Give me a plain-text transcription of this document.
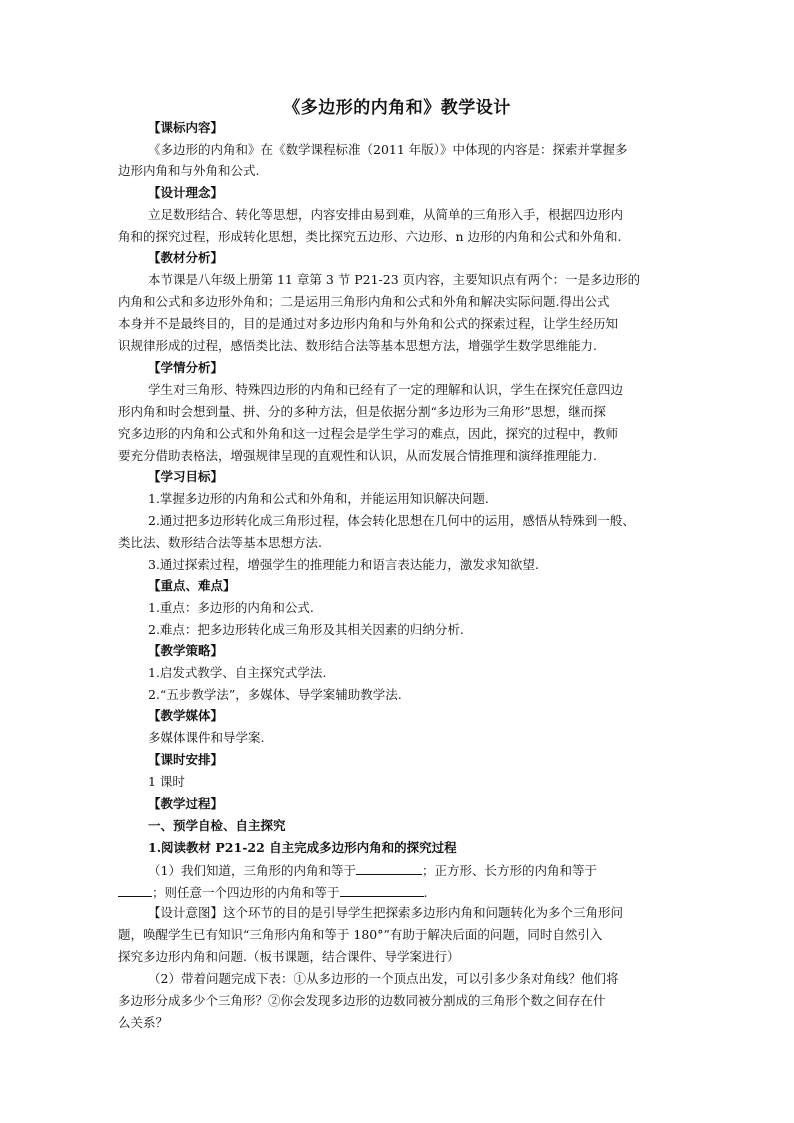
《多边形的内角和》教学设计
【课标内容】
《多边形的内角和》在《数学课程标准（2011 年版）》中体现的内容是：探索并掌握多
边形内角和与外角和公式.
【设计理念】
立足数形结合、转化等思想，内容安排由易到难，从简单的三角形入手，根据四边形内
角和的探究过程，形成转化思想，类比探究五边形、六边形、n 边形的内角和公式和外角和.
【教材分析】
本节课是八年级上册第 11 章第 3 节 P21-23 页内容，主要知识点有两个：一是多边形的
内角和公式和多边形外角和；二是运用三角形内角和公式和外角和解决实际问题.得出公式
本身并不是最终目的，目的是通过对多边形内角和与外角和公式的探索过程，让学生经历知
识规律形成的过程，感悟类比法、数形结合法等基本思想方法，增强学生数学思维能力.
【学情分析】
学生对三角形、特殊四边形的内角和已经有了一定的理解和认识，学生在探究任意四边
形内角和时会想到量、拼、分的多种方法，但是依据分割“多边形为三角形”思想，继而探
究多边形的内角和公式和外角和这一过程会是学生学习的难点，因此，探究的过程中，教师
要充分借助表格法，增强规律呈现的直观性和认识，从而发展合情推理和演绎推理能力.
【学习目标】
1.掌握多边形的内角和公式和外角和，并能运用知识解决问题.
2.通过把多边形转化成三角形过程，体会转化思想在几何中的运用，感悟从特殊到一般、
类比法、数形结合法等基本思想方法.
3.通过探索过程，增强学生的推理能力和语言表达能力，激发求知欲望.
【重点、难点】
1.重点：多边形的内角和公式.
2.难点：把多边形转化成三角形及其相关因素的归纳分析.
【教学策略】
1.启发式教学、自主探究式学法.
2.“五步教学法”，多媒体、导学案辅助教学法.
【教学媒体】
多媒体课件和导学案.
【课时安排】
1 课时
【教学过程】
一、预学自检、自主探究
1.阅读教材 P21-22 自主完成多边形内角和的探究过程
（1）我们知道，三角形的内角和等于	；正方形、长方形的内角和等于
；则任意一个四边形的内角和等于	.
【设计意图】这个环节的目的是引导学生把探索多边形内角和问题转化为多个三角形问
题，唤醒学生已有知识“三角形内角和等于 180°”有助于解决后面的问题，同时自然引入
探究多边形内角和问题.（板书课题，结合课件、导学案进行）
（2）带着问题完成下表：①从多边形的一个顶点出发，可以引多少条对角线？他们将
多边形分成多少个三角形？②你会发现多边形的边数同被分割成的三角形个数之间存在什
么关系？
